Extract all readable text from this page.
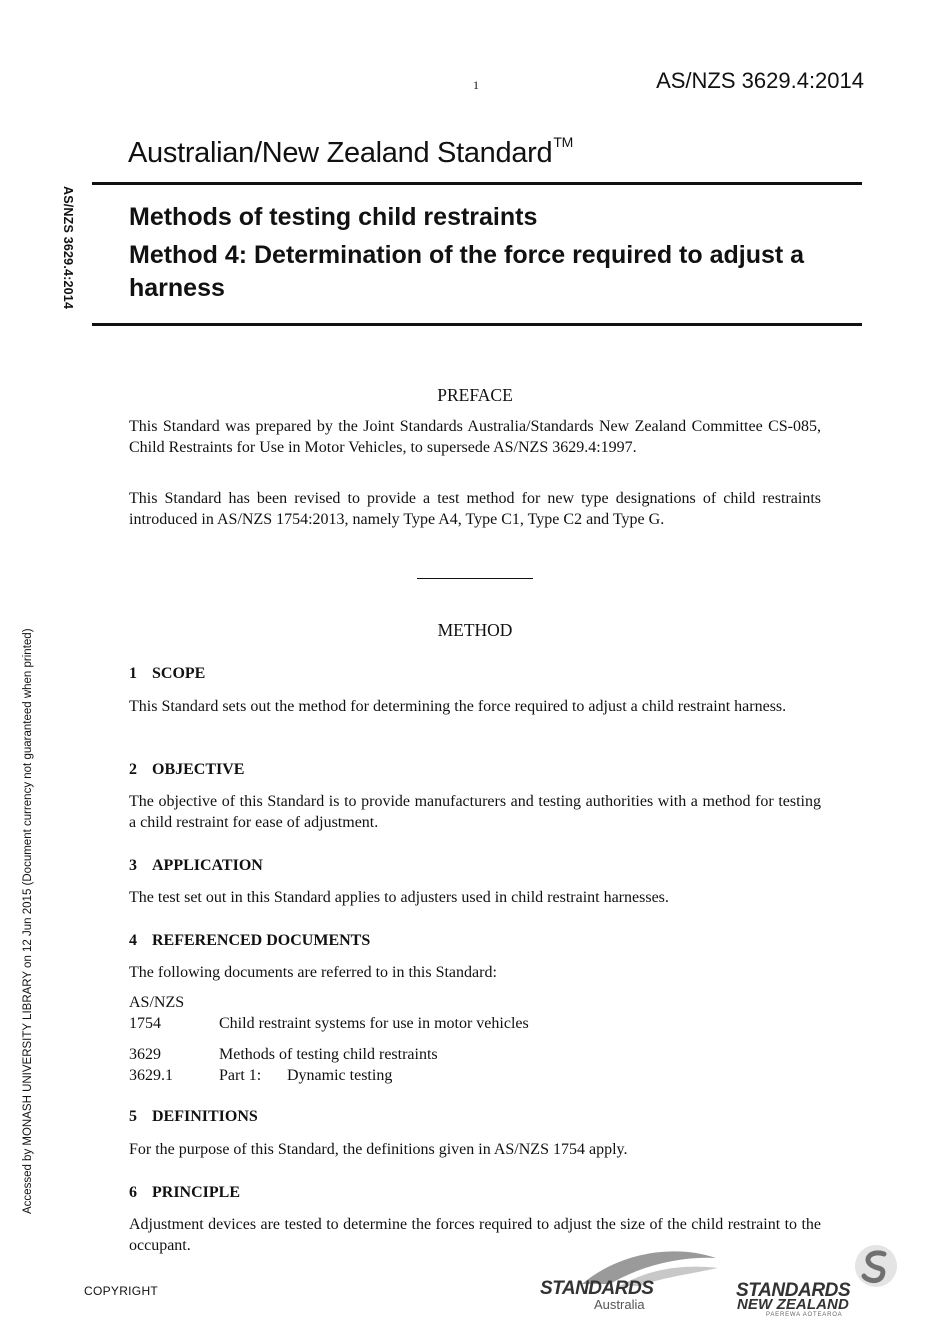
1	AS/NZS 3629.4:2014
Australian/New Zealand Standard™
AS/NZS 3629.4:2014 Methods of testing child restraints
Method 4: Determination of the force required to adjust a harness
Accessed by MONASH UNIVERSITY LIBRARY on 12 Jun 2015 (Document currency not guaranteed when printed)
PREFACE
This Standard was prepared by the Joint Standards Australia/Standards New Zealand Committee CS-085, Child Restraints for Use in Motor Vehicles, to supersede AS/NZS 3629.4:1997.
This Standard has been revised to provide a test method for new type designations of child restraints introduced in AS/NZS 1754:2013, namely Type A4, Type C1, Type C2 and Type G.
METHOD
1 SCOPE
This Standard sets out the method for determining the force required to adjust a child restraint harness.
2 OBJECTIVE
The objective of this Standard is to provide manufacturers and testing authorities with a method for testing a child restraint for ease of adjustment.
3 APPLICATION
The test set out in this Standard applies to adjusters used in child restraint harnesses.
4 REFERENCED DOCUMENTS
The following documents are referred to in this Standard:
AS/NZS
1754	Child restraint systems for use in motor vehicles
3629	Methods of testing child restraints
3629.1	Part 1: Dynamic testing
5 DEFINITIONS
For the purpose of this Standard, the definitions given in AS/NZS 1754 apply.
6 PRINCIPLE
Adjustment devices are tested to determine the forces required to adjust the size of the child restraint to the occupant.
COPYRIGHT	STANDARDS
Australia
STANDARDS
NEW ZEALAND
PAEREWA AOTEAROA
